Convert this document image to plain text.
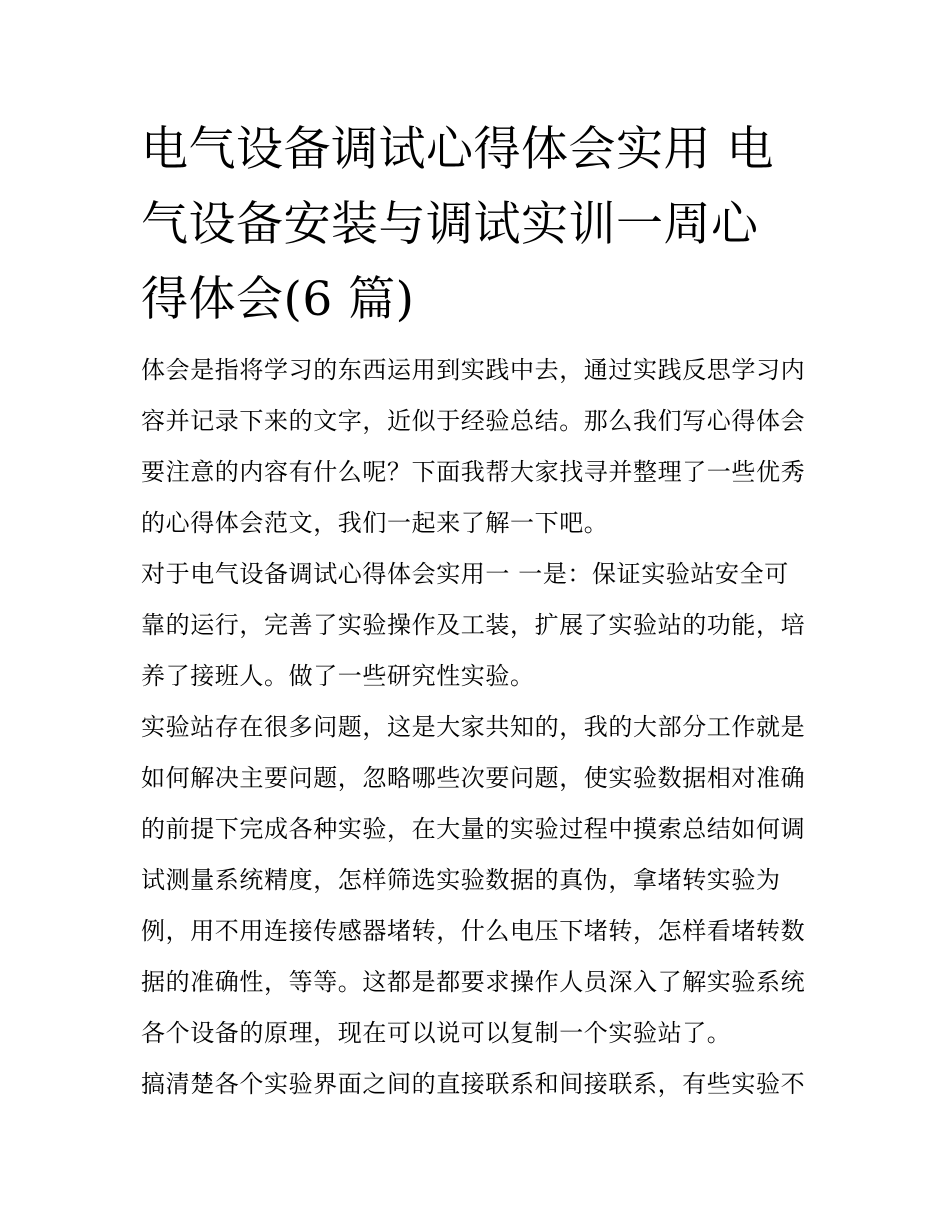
电气设备调试心得体会实用 电
气设备安装与调试实训一周心
得体会(6 篇)

体会是指将学习的东西运用到实践中去，通过实践反思学习内
容并记录下来的文字，近似于经验总结。那么我们写心得体会
要注意的内容有什么呢？下面我帮大家找寻并整理了一些优秀
的心得体会范文，我们一起来了解一下吧。

对于电气设备调试心得体会实用一 一是：保证实验站安全可
靠的运行，完善了实验操作及工装，扩展了实验站的功能，培
养了接班人。做了一些研究性实验。

实验站存在很多问题，这是大家共知的，我的大部分工作就是
如何解决主要问题，忽略哪些次要问题，使实验数据相对准确
的前提下完成各种实验，在大量的实验过程中摸索总结如何调
试测量系统精度，怎样筛选实验数据的真伪，拿堵转实验为
例，用不用连接传感器堵转，什么电压下堵转，怎样看堵转数
据的准确性，等等。这都是都要求操作人员深入了解实验系统
各个设备的原理，现在可以说可以复制一个实验站了。

搞清楚各个实验界面之间的直接联系和间接联系，有些实验不
